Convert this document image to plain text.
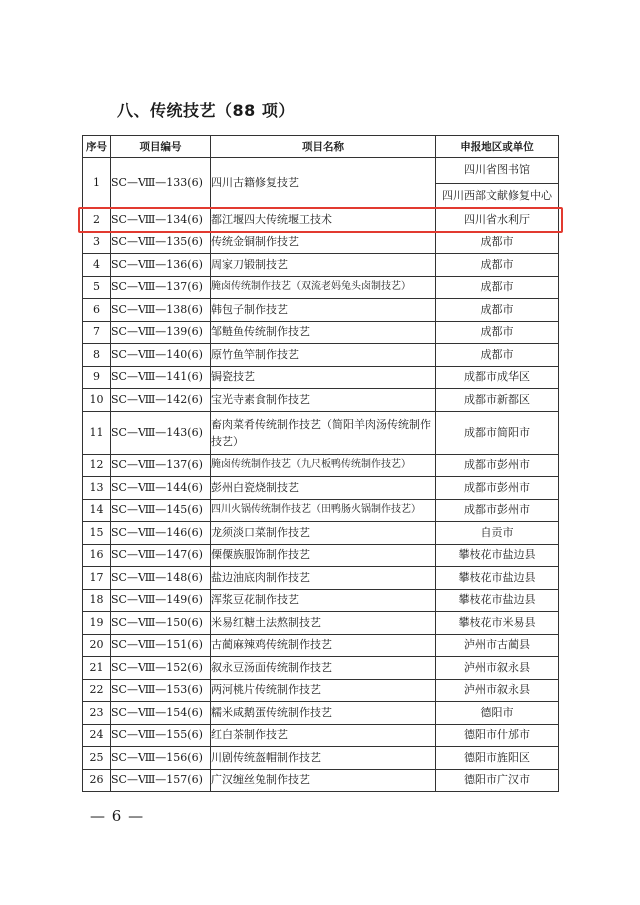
八、传统技艺（88 项）
序号	项目编号	项目名称	申报地区或单位
1	SC—Ⅷ—133(6)	四川古籍修复技艺	四川省图书馆
			四川西部文献修复中心
2	SC—Ⅷ—134(6)	都江堰四大传统堰工技术	四川省水利厅
3	SC—Ⅷ—135(6)	传统金铜制作技艺	成都市
4	SC—Ⅷ—136(6)	周家刀锻制技艺	成都市
5	SC—Ⅷ—137(6)	腌卤传统制作技艺（双流老妈兔头卤制技艺）	成都市
6	SC—Ⅷ—138(6)	韩包子制作技艺	成都市
7	SC—Ⅷ—139(6)	邹鲢鱼传统制作技艺	成都市
8	SC—Ⅷ—140(6)	原竹鱼竿制作技艺	成都市
9	SC—Ⅷ—141(6)	锔瓷技艺	成都市成华区
10	SC—Ⅷ—142(6)	宝光寺素食制作技艺	成都市新都区
11	SC—Ⅷ—143(6)	畜肉菜肴传统制作技艺（简阳羊肉汤传统制作技艺）	成都市简阳市
12	SC—Ⅷ—137(6)	腌卤传统制作技艺（九尺板鸭传统制作技艺）	成都市彭州市
13	SC—Ⅷ—144(6)	彭州白瓷烧制技艺	成都市彭州市
14	SC—Ⅷ—145(6)	四川火锅传统制作技艺（田鸭肠火锅制作技艺）	成都市彭州市
15	SC—Ⅷ—146(6)	龙须淡口菜制作技艺	自贡市
16	SC—Ⅷ—147(6)	傈僳族服饰制作技艺	攀枝花市盐边县
17	SC—Ⅷ—148(6)	盐边油底肉制作技艺	攀枝花市盐边县
18	SC—Ⅷ—149(6)	浑浆豆花制作技艺	攀枝花市盐边县
19	SC—Ⅷ—150(6)	米易红糖土法熬制技艺	攀枝花市米易县
20	SC—Ⅷ—151(6)	古蔺麻辣鸡传统制作技艺	泸州市古蔺县
21	SC—Ⅷ—152(6)	叙永豆汤面传统制作技艺	泸州市叙永县
22	SC—Ⅷ—153(6)	两河桃片传统制作技艺	泸州市叙永县
23	SC—Ⅷ—154(6)	糯米咸鹅蛋传统制作技艺	德阳市
24	SC—Ⅷ—155(6)	红白茶制作技艺	德阳市什邡市
25	SC—Ⅷ—156(6)	川剧传统盔帽制作技艺	德阳市旌阳区
26	SC—Ⅷ—157(6)	广汉缠丝兔制作技艺	德阳市广汉市
— 6 —
